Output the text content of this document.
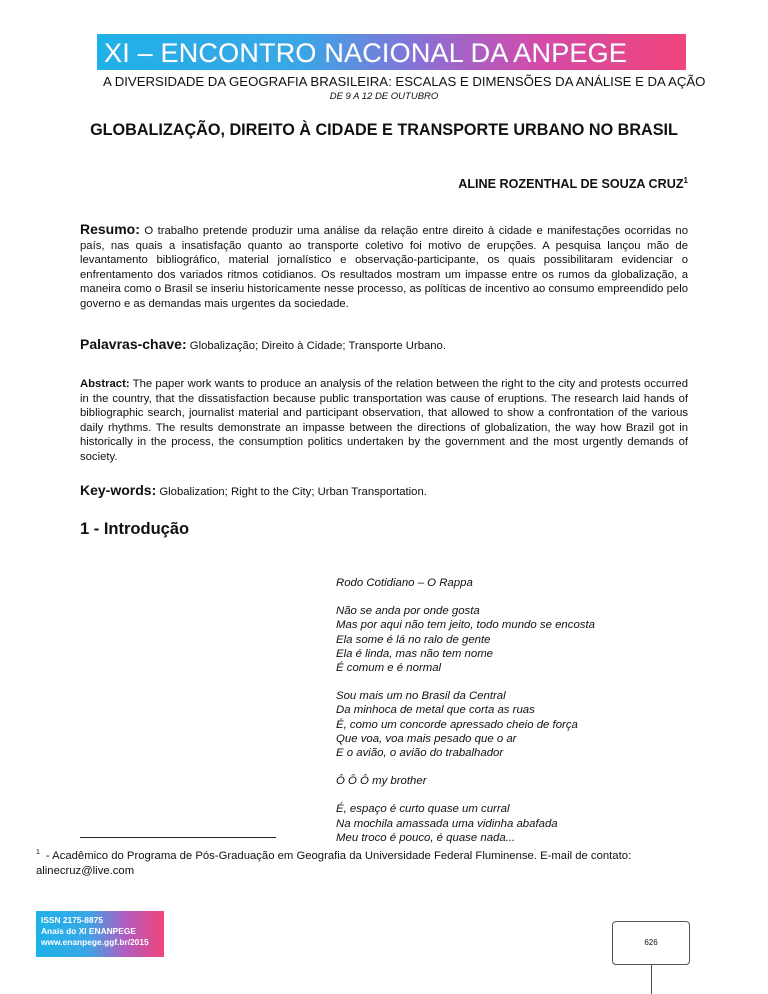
XI – ENCONTRO NACIONAL DA ANPEGE
A DIVERSIDADE DA GEOGRAFIA BRASILEIRA: ESCALAS E DIMENSÕES DA ANÁLISE E DA AÇÃO
DE 9 A 12 DE OUTUBRO
GLOBALIZAÇÃO, DIREITO À CIDADE E TRANSPORTE URBANO NO BRASIL
ALINE ROZENTHAL DE SOUZA CRUZ$^1$
Resumo: O trabalho pretende produzir uma análise da relação entre direito à cidade e manifestações ocorridas no país, nas quais a insatisfação quanto ao transporte coletivo foi motivo de erupções. A pesquisa lançou mão de levantamento bibliográfico, material jornalístico e observação-participante, os quais possibilitaram evidenciar o enfrentamento dos variados ritmos cotidianos. Os resultados mostram um impasse entre os rumos da globalização, a maneira como o Brasil se inseriu historicamente nesse processo, as políticas de incentivo ao consumo empreendido pelo governo e as demandas mais urgentes da sociedade.
Palavras-chave: Globalização; Direito à Cidade; Transporte Urbano.
Abstract: The paper work wants to produce an analysis of the relation between the right to the city and protests occurred in the country, that the dissatisfaction because public transportation was cause of eruptions. The research laid hands of bibliographic search, journalist material and participant observation, that allowed to show a confrontation of the various daily rhythms. The results demonstrate an impasse between the directions of globalization, the way how Brazil got in historically in the process, the consumption politics undertaken by the government and the most urgently demands of society.
Key-words: Globalization; Right to the City; Urban Transportation.
1 - Introdução
Rodo Cotidiano – O Rappa
Não se anda por onde gosta
Mas por aqui não tem jeito, todo mundo se encosta
Ela some é lá no ralo de gente
Ela é linda, mas não tem nome
É comum e é normal
Sou mais um no Brasil da Central
Da minhoca de metal que corta as ruas
É, como um concorde apressado cheio de força
Que voa, voa mais pesado que o ar
E o avião, o avião do trabalhador
Ô Ô Ô my brother
É, espaço é curto quase um curral
Na mochila amassada uma vidinha abafada
Meu troco é pouco, é quase nada...
$^1$ - Acadêmico do Programa de Pós-Graduação em Geografia da Universidade Federal Fluminense. E-mail de contato: alinecruz@live.com
ISSN 2175-8875
Anais do XI ENANPEGE
www.enanpege.ggf.br/2015	626
